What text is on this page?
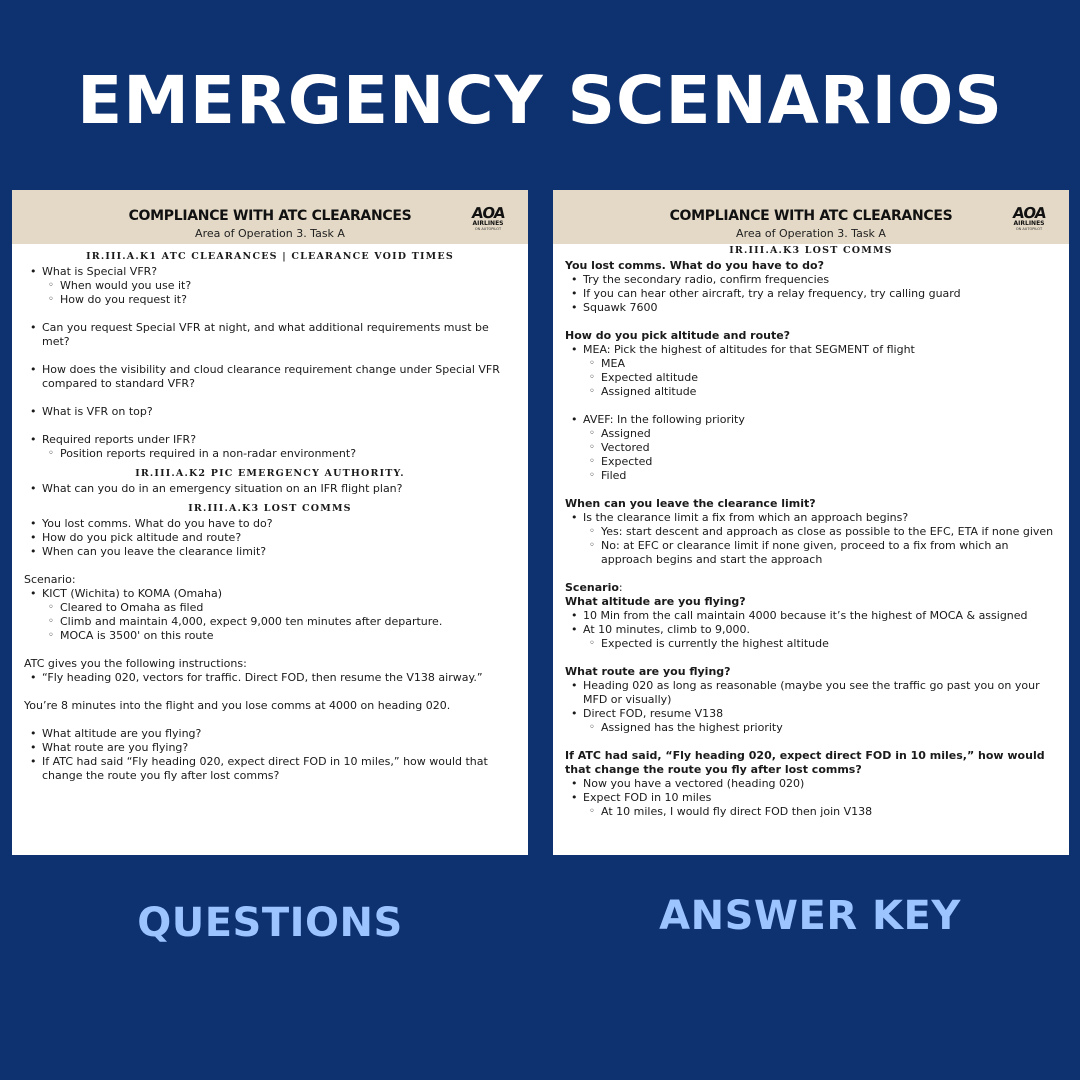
EMERGENCY SCENARIOS
COMPLIANCE WITH ATC CLEARANCES
Area of Operation 3. Task A
AOA
AIRLINES
ON AUTOPILOT
IR.III.A.K1 ATC CLEARANCES | CLEARANCE VOID TIMES
• What is Special VFR?
◦ When would you use it?
◦ How do you request it?
• Can you request Special VFR at night, and what additional requirements must be met?
• How does the visibility and cloud clearance requirement change under Special VFR compared to standard VFR?
• What is VFR on top?
• Required reports under IFR?
◦ Position reports required in a non-radar environment?
IR.III.A.K2 PIC EMERGENCY AUTHORITY.
• What can you do in an emergency situation on an IFR flight plan?
IR.III.A.K3 LOST COMMS
• You lost comms. What do you have to do?
• How do you pick altitude and route?
• When can you leave the clearance limit?
Scenario:
• KICT (Wichita) to KOMA (Omaha)
◦ Cleared to Omaha as filed
◦ Climb and maintain 4,000, expect 9,000 ten minutes after departure.
◦ MOCA is 3500' on this route
ATC gives you the following instructions:
• “Fly heading 020, vectors for traffic. Direct FOD, then resume the V138 airway.”
You’re 8 minutes into the flight and you lose comms at 4000 on heading 020.
• What altitude are you flying?
• What route are you flying?
• If ATC had said “Fly heading 020, expect direct FOD in 10 miles,” how would that change the route you fly after lost comms?
COMPLIANCE WITH ATC CLEARANCES
Area of Operation 3. Task A
AOA
AIRLINES
ON AUTOPILOT
IR.III.A.K3 LOST COMMS
You lost comms. What do you have to do?
• Try the secondary radio, confirm frequencies
• If you can hear other aircraft, try a relay frequency, try calling guard
• Squawk 7600
How do you pick altitude and route?
• MEA: Pick the highest of altitudes for that SEGMENT of flight
◦ MEA
◦ Expected altitude
◦ Assigned altitude
• AVEF: In the following priority
◦ Assigned
◦ Vectored
◦ Expected
◦ Filed
When can you leave the clearance limit?
• Is the clearance limit a fix from which an approach begins?
◦ Yes: start descent and approach as close as possible to the EFC, ETA if none given
◦ No: at EFC or clearance limit if none given, proceed to a fix from which an approach begins and start the approach
Scenario:
What altitude are you flying?
• 10 Min from the call maintain 4000 because it’s the highest of MOCA & assigned
• At 10 minutes, climb to 9,000.
◦ Expected is currently the highest altitude
What route are you flying?
• Heading 020 as long as reasonable (maybe you see the traffic go past you on your MFD or visually)
• Direct FOD, resume V138
◦ Assigned has the highest priority
If ATC had said, “Fly heading 020, expect direct FOD in 10 miles,” how would that change the route you fly after lost comms?
• Now you have a vectored (heading 020)
• Expect FOD in 10 miles
◦ At 10 miles, I would fly direct FOD then join V138
QUESTIONS	ANSWER KEY
